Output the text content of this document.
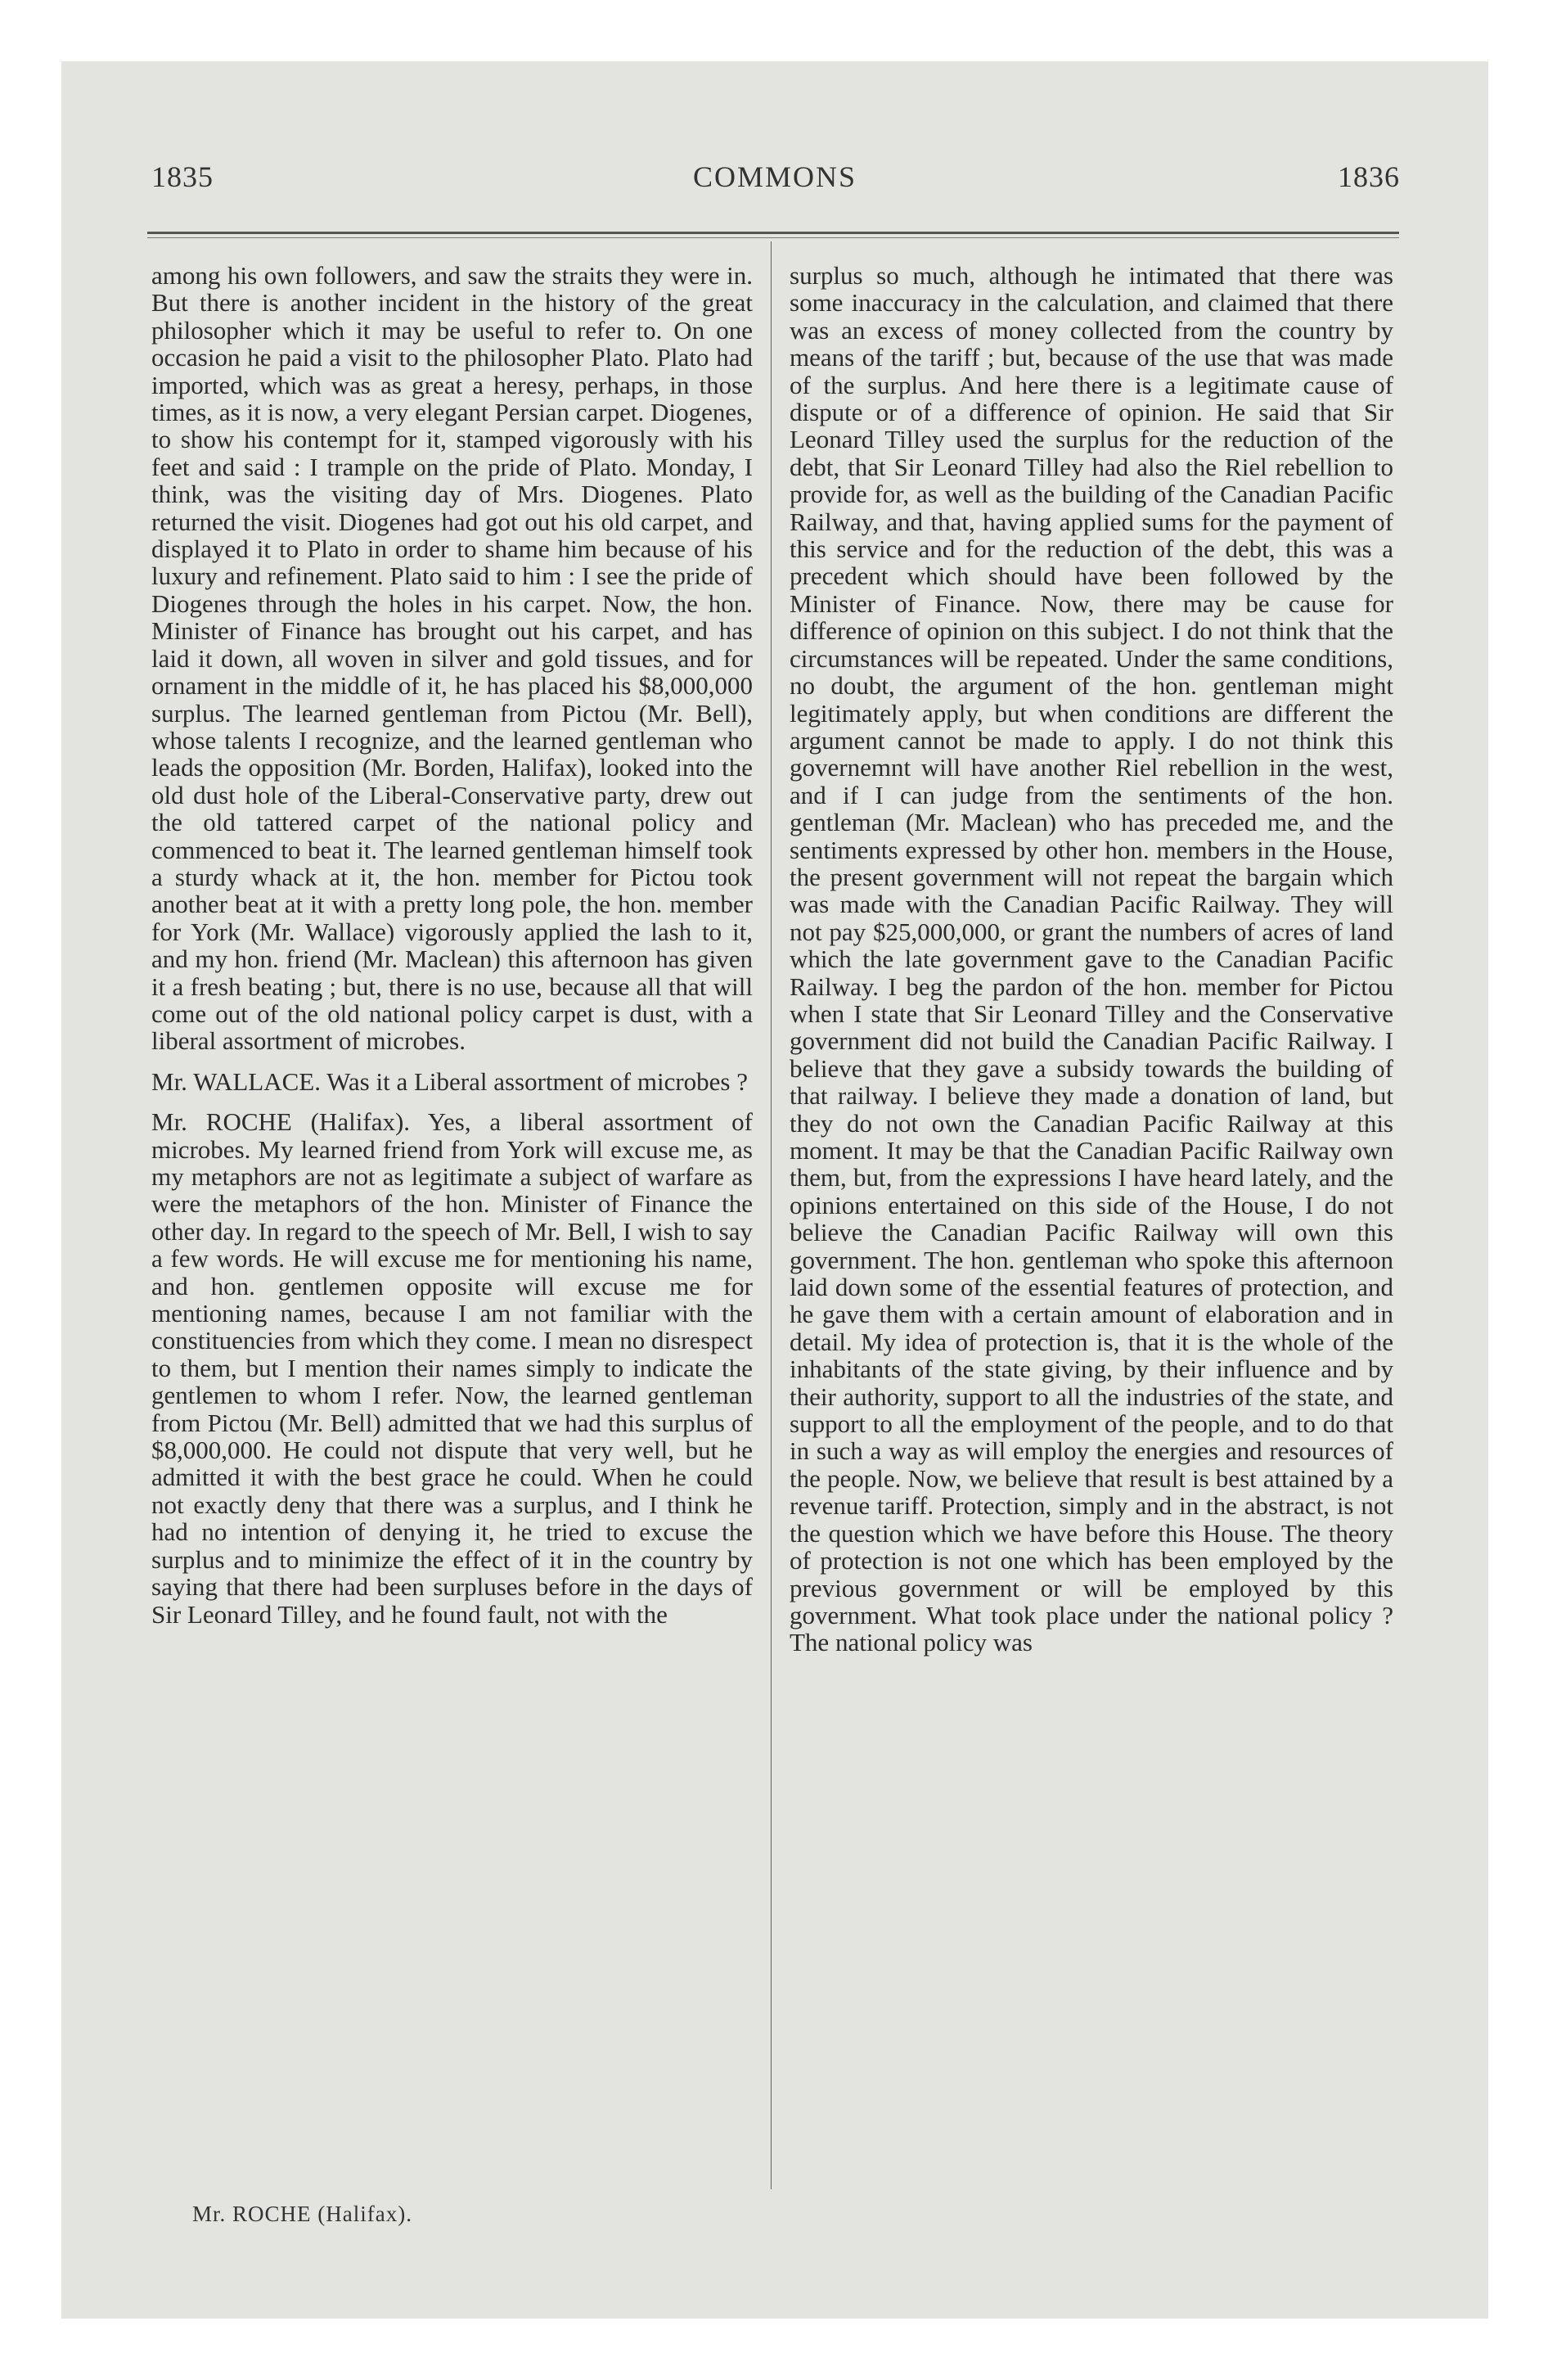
1835	COMMONS	1836

among his own followers, and saw the straits they were in. But there is another incident in the history of the great philosopher which it may be useful to refer to. On one occasion he paid a visit to the philosopher Plato. Plato had imported, which was as great a heresy, perhaps, in those times, as it is now, a very elegant Persian carpet. Diogenes, to show his contempt for it, stamped vigorously with his feet and said : I trample on the pride of Plato. Monday, I think, was the visiting day of Mrs. Diogenes. Plato returned the visit. Diogenes had got out his old carpet, and displayed it to Plato in order to shame him because of his luxury and refinement. Plato said to him : I see the pride of Diogenes through the holes in his carpet. Now, the hon. Minister of Finance has brought out his carpet, and has laid it down, all woven in silver and gold tissues, and for ornament in the middle of it, he has placed his $8,000,000 surplus. The learned gentleman from Pictou (Mr. Bell), whose talents I recognize, and the learned gentleman who leads the opposition (Mr. Borden, Halifax), looked into the old dust hole of the Liberal-Conservative party, drew out the old tattered carpet of the national policy and commenced to beat it. The learned gentleman himself took a sturdy whack at it, the hon. member for Pictou took another beat at it with a pretty long pole, the hon. member for York (Mr. Wallace) vigorously applied the lash to it, and my hon. friend (Mr. Maclean) this afternoon has given it a fresh beating ; but, there is no use, because all that will come out of the old national policy carpet is dust, with a liberal assortment of microbes.

Mr. WALLACE. Was it a Liberal assortment of microbes ?

Mr. ROCHE (Halifax). Yes, a liberal assortment of microbes. My learned friend from York will excuse me, as my metaphors are not as legitimate a subject of warfare as were the metaphors of the hon. Minister of Finance the other day. In regard to the speech of Mr. Bell, I wish to say a few words. He will excuse me for mentioning his name, and hon. gentlemen opposite will excuse me for mentioning names, because I am not familiar with the constituencies from which they come. I mean no disrespect to them, but I mention their names simply to indicate the gentlemen to whom I refer. Now, the learned gentleman from Pictou (Mr. Bell) admitted that we had this surplus of $8,000,000. He could not dispute that very well, but he admitted it with the best grace he could. When he could not exactly deny that there was a surplus, and I think he had no intention of denying it, he tried to excuse the surplus and to minimize the effect of it in the country by saying that there had been surpluses before in the days of Sir Leonard Tilley, and he found fault, not with the

surplus so much, although he intimated that there was some inaccuracy in the calculation, and claimed that there was an excess of money collected from the country by means of the tariff ; but, because of the use that was made of the surplus. And here there is a legitimate cause of dispute or of a difference of opinion. He said that Sir Leonard Tilley used the surplus for the reduction of the debt, that Sir Leonard Tilley had also the Riel rebellion to provide for, as well as the building of the Canadian Pacific Railway, and that, having applied sums for the payment of this service and for the reduction of the debt, this was a precedent which should have been followed by the Minister of Finance. Now, there may be cause for difference of opinion on this subject. I do not think that the circumstances will be repeated. Under the same conditions, no doubt, the argument of the hon. gentleman might legitimately apply, but when conditions are different the argument cannot be made to apply. I do not think this governemnt will have another Riel rebellion in the west, and if I can judge from the sentiments of the hon. gentleman (Mr. Maclean) who has preceded me, and the sentiments expressed by other hon. members in the House, the present government will not repeat the bargain which was made with the Canadian Pacific Railway. They will not pay $25,000,000, or grant the numbers of acres of land which the late government gave to the Canadian Pacific Railway. I beg the pardon of the hon. member for Pictou when I state that Sir Leonard Tilley and the Conservative government did not build the Canadian Pacific Railway. I believe that they gave a subsidy towards the building of that railway. I believe they made a donation of land, but they do not own the Canadian Pacific Railway at this moment. It may be that the Canadian Pacific Railway own them, but, from the expressions I have heard lately, and the opinions entertained on this side of the House, I do not believe the Canadian Pacific Railway will own this government. The hon. gentleman who spoke this afternoon laid down some of the essential features of protection, and he gave them with a certain amount of elaboration and in detail. My idea of protection is, that it is the whole of the inhabitants of the state giving, by their influence and by their authority, support to all the industries of the state, and support to all the employment of the people, and to do that in such a way as will employ the energies and resources of the people. Now, we believe that result is best attained by a revenue tariff. Protection, simply and in the abstract, is not the question which we have before this House. The theory of protection is not one which has been employed by the previous government or will be employed by this government. What took place under the national policy ? The national policy was

Mr. ROCHE (Halifax).
